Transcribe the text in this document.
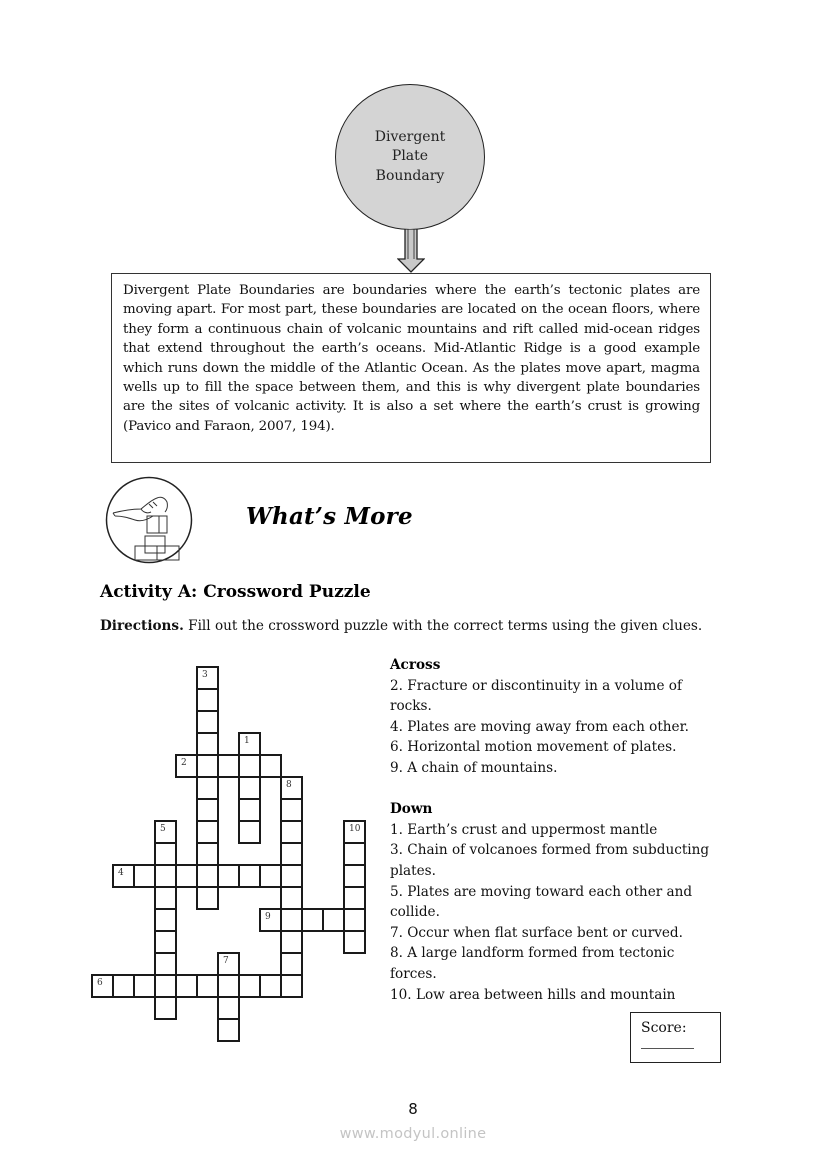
Divergent
Plate
Boundary

Divergent Plate Boundaries are boundaries where the earth’s tectonic plates are moving apart. For most part, these boundaries are located on the ocean floors, where they form a continuous chain of volcanic mountains and rift called mid-ocean ridges that extend throughout the earth’s oceans. Mid-Atlantic Ridge is a good example which runs down the middle of the Atlantic Ocean. As the plates move apart, magma wells up to fill the space between them, and this is why divergent plate boundaries are the sites of volcanic activity. It is also a set where the earth’s crust is growing (Pavico and Faraon, 2007, 194).

What’s More
Activity A: Crossword Puzzle
Directions. Fill out the crossword puzzle with the correct terms using the given clues.
3
1
2
8
5	10
4
9
7
6
Across
2. Fracture or discontinuity in a volume of rocks.
4. Plates are moving away from each other.
6. Horizontal motion movement of plates.
9. A chain of mountains.
Down
1. Earth’s crust and uppermost mantle
3. Chain of volcanoes formed from subducting plates.
5. Plates are moving toward each other and collide.
7. Occur when flat surface bent or curved.
8. A large landform formed from tectonic forces.
10. Low area between hills and mountain
Score:
8
www.modyul.online
